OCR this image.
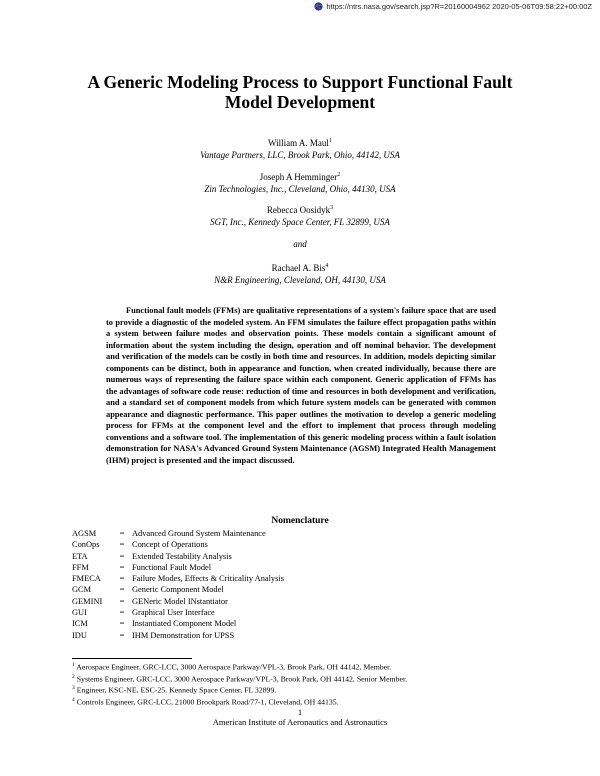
https://ntrs.nasa.gov/search.jsp?R=20160004962 2020-05-06T09:58:22+00:00Z
A Generic Modeling Process to Support Functional Fault
Model Development
William A. Maul$^1$
Vantage Partners, LLC, Brook Park, Ohio, 44142, USA
Joseph A Hemminger$^2$
Zin Technologies, Inc., Cleveland, Ohio, 44130, USA
Rebecca Oosidyk$^3$
SGT, Inc., Kennedy Space Center, FL 32899, USA
and
Rachael A. Bis$^4$
N&R Engineering, Cleveland, OH, 44130, USA

Functional fault models (FFMs) are qualitative representations of a system's failure space that are used to provide a diagnostic of the modeled system. An FFM simulates the failure effect propagation paths within a system between failure modes and observation points. These models contain a significant amount of information about the system including the design, operation and off nominal behavior. The development and verification of the models can be costly in both time and resources. In addition, models depicting similar components can be distinct, both in appearance and function, when created individually, because there are numerous ways of representing the failure space within each component. Generic application of FFMs has the advantages of software code reuse: reduction of time and resources in both development and verification, and a standard set of component models from which future system models can be generated with common appearance and diagnostic performance. This paper outlines the motivation to develop a generic modeling process for FFMs at the component level and the effort to implement that process through modeling conventions and a software tool. The implementation of this generic modeling process within a fault isolation demonstration for NASA's Advanced Ground System Maintenance (AGSM) Integrated Health Management (IHM) project is presented and the impact discussed.

Nomenclature
AGSM	= Advanced Ground System Maintenance
ConOps	= Concept of Operations
ETA	= Extended Testability Analysis
FFM	= Functional Fault Model
FMECA	= Failure Modes, Effects & Criticality Analysis
GCM	= Generic Component Model
GEMINI	= GENeric Model INstantiator
GUI	= Graphical User Interface
ICM	= Instantiated Component Model
IDU	= IHM Demonstration for UPSS
$^1$ Aerospace Engineer, GRC-LCC, 3000 Aerospace Parkway/VPL-3, Brook Park, OH 44142, Member.
$^2$ Systems Engineer, GRC-LCC, 3000 Aerospace Parkway/VPL-3, Brook Park, OH 44142, Senior Member.
$^3$ Engineer, KSC-NE, ESC-25. Kennedy Space Center, FL 32899.
$^4$ Controls Engineer, GRC-LCC, 21000 Brookpark Road/77-1, Cleveland, OH 44135.
1
American Institute of Aeronautics and Astronautics
